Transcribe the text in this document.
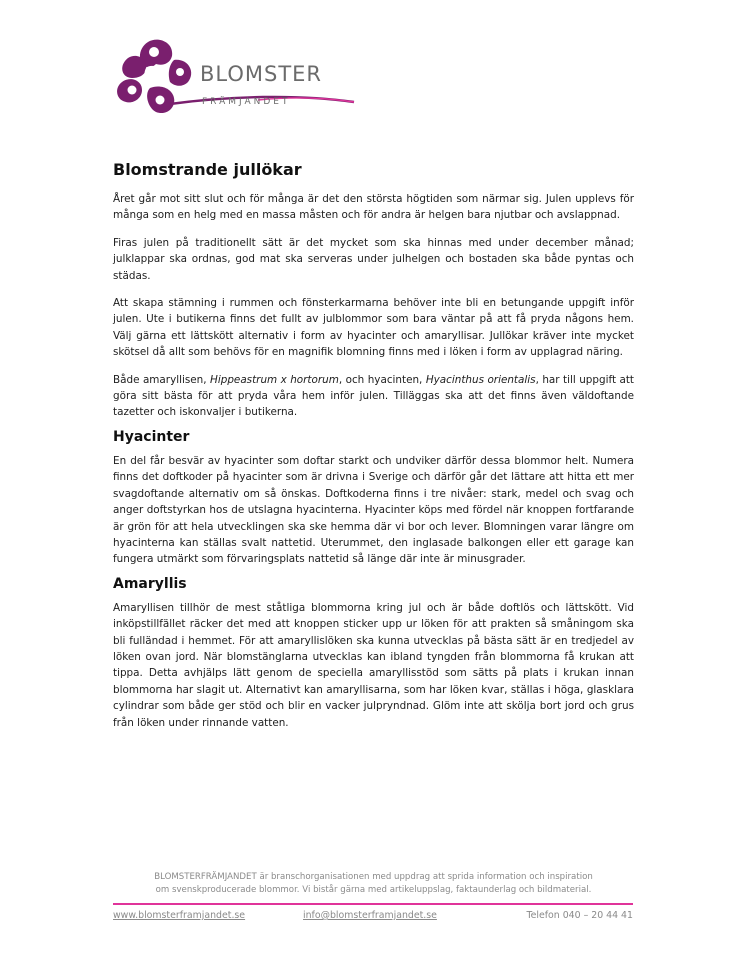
BLOMSTER
FRÄMJANDET
Blomstrande jullökar

Året går mot sitt slut och för många är det den största högtiden som närmar sig. Julen upplevs för många som en helg med en massa måsten och för andra är helgen bara njutbar och avslappnad.

Firas julen på traditionellt sätt är det mycket som ska hinnas med under december månad; julklappar ska ordnas, god mat ska serveras under julhelgen och bostaden ska både pyntas och städas.

Att skapa stämning i rummen och fönsterkarmarna behöver inte bli en betungande uppgift inför julen. Ute i butikerna finns det fullt av julblommor som bara väntar på att få pryda någons hem. Välj gärna ett lättskött alternativ i form av hyacinter och amaryllisar. Jullökar kräver inte mycket skötsel då allt som behövs för en magnifik blomning finns med i löken i form av upplagrad näring.

Både amaryllisen, Hippeastrum x hortorum, och hyacinten, Hyacinthus orientalis, har till uppgift att göra sitt bästa för att pryda våra hem inför julen. Tilläggas ska att det finns även väldoftande tazetter och iskonvaljer i butikerna.

Hyacinter

En del får besvär av hyacinter som doftar starkt och undviker därför dessa blommor helt. Numera finns det doftkoder på hyacinter som är drivna i Sverige och därför går det lättare att hitta ett mer svagdoftande alternativ om så önskas. Doftkoderna finns i tre nivåer: stark, medel och svag och anger doftstyrkan hos de utslagna hyacinterna. Hyacinter köps med fördel när knoppen fortfarande är grön för att hela utvecklingen ska ske hemma där vi bor och lever. Blomningen varar längre om hyacinterna kan ställas svalt nattetid. Uterummet, den inglasade balkongen eller ett garage kan fungera utmärkt som förvaringsplats nattetid så länge där inte är minusgrader.

Amaryllis

Amaryllisen tillhör de mest ståtliga blommorna kring jul och är både doftlös och lättskött. Vid inköpstillfället räcker det med att knoppen sticker upp ur löken för att prakten så småningom ska bli fulländad i hemmet. För att amaryllislöken ska kunna utvecklas på bästa sätt är en tredjedel av löken ovan jord. När blomstänglarna utvecklas kan ibland tyngden från blommorna få krukan att tippa. Detta avhjälps lätt genom de speciella amaryllisstöd som sätts på plats i krukan innan blommorna har slagit ut. Alternativt kan amaryllisarna, som har löken kvar, ställas i höga, glasklara cylindrar som både ger stöd och blir en vacker julpryndnad. Glöm inte att skölja bort jord och grus från löken under rinnande vatten.

BLOMSTERFRÄMJANDET är branschorganisationen med uppdrag att sprida information och inspiration
om svenskproducerade blommor. Vi bistår gärna med artikeluppslag, faktaunderlag och bildmaterial.
www.blomsterframjandet.se	info@blomsterframjandet.se	Telefon 040 – 20 44 41
